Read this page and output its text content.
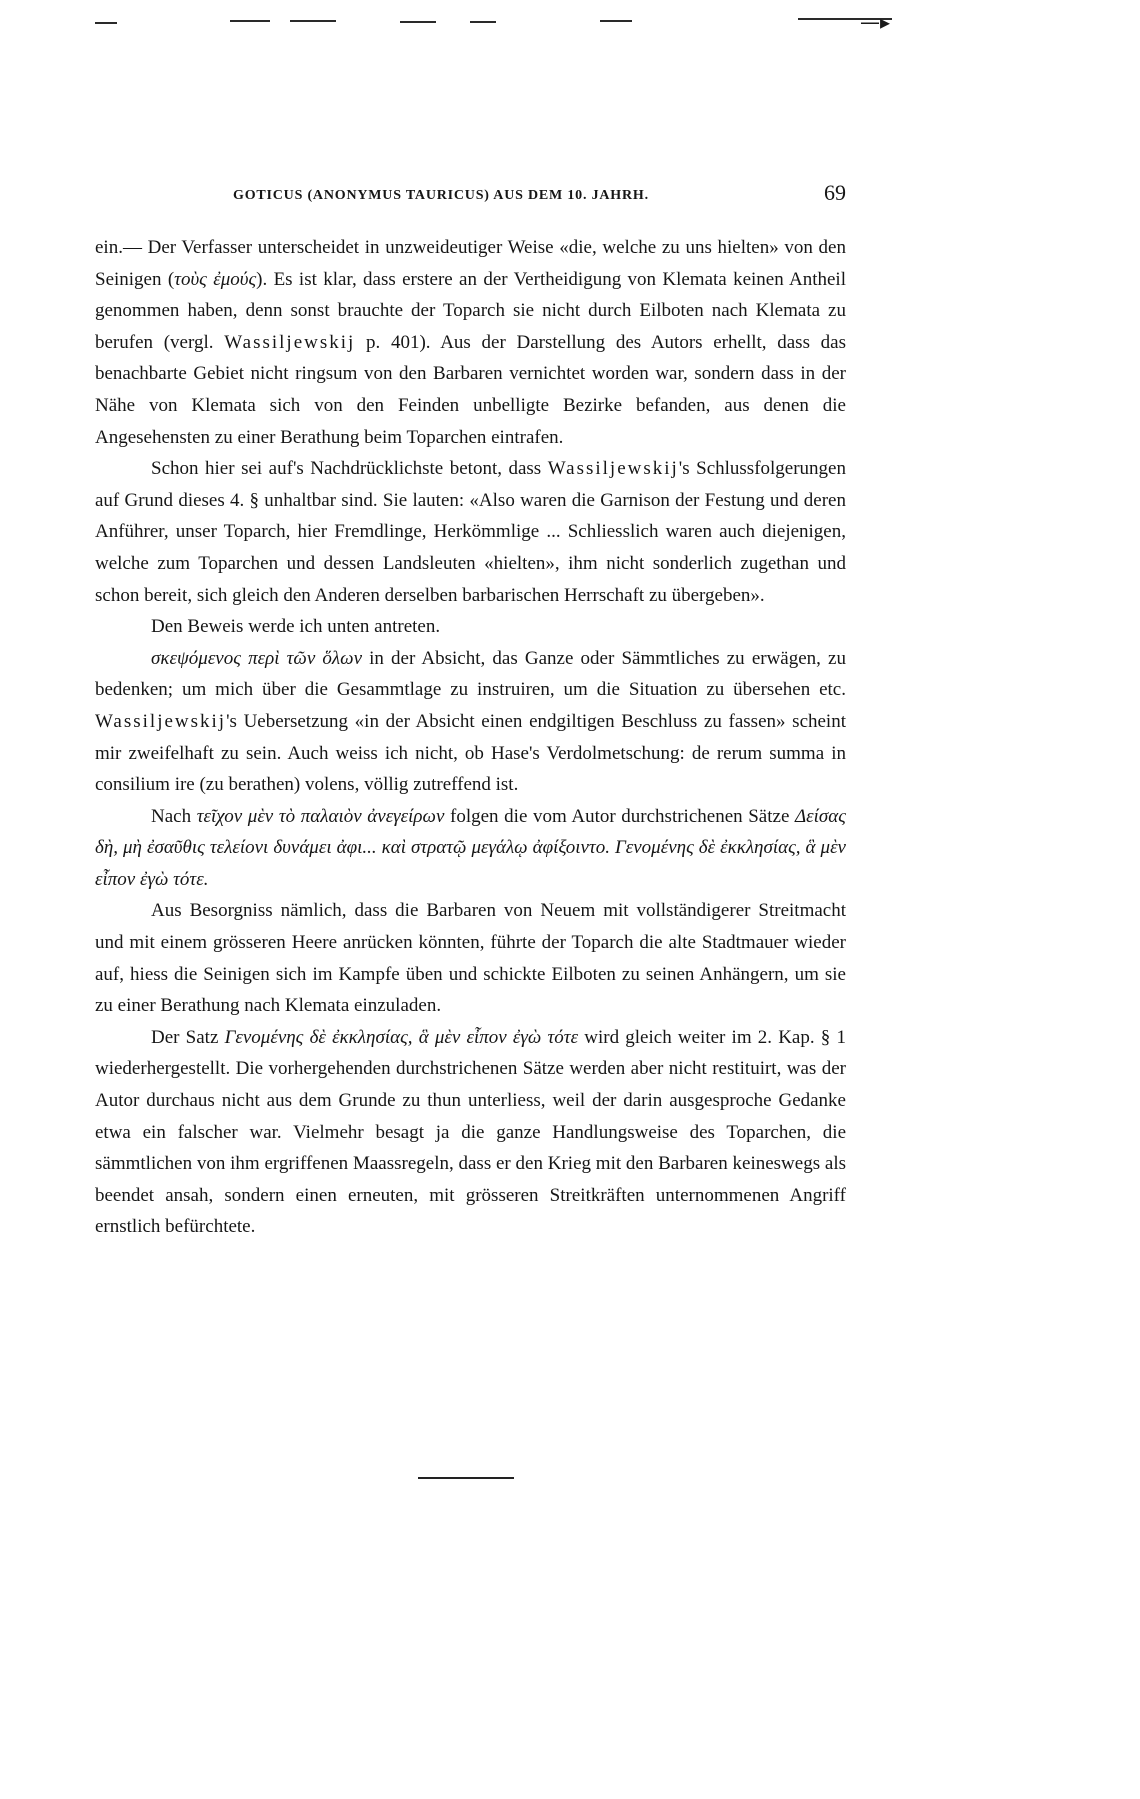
—▸
GOTICUS (ANONYMUS TAURICUS) AUS DEM 10. JAHRH.	69

ein.— Der Verfasser unterscheidet in unzweideutiger Weise «die, welche zu uns hielten» von den Seinigen (τοὺς ἐμούς). Es ist klar, dass erstere an der Vertheidigung von Klemata keinen Antheil genommen haben, denn sonst brauchte der Toparch sie nicht durch Eilboten nach Klemata zu berufen (vergl. Wassiljewskij p. 401). Aus der Darstellung des Autors erhellt, dass das benachbarte Gebiet nicht ringsum von den Barbaren vernichtet worden war, sondern dass in der Nähe von Klemata sich von den Feinden unbelligte Bezirke befanden, aus denen die Angesehensten zu einer Berathung beim Toparchen eintrafen.

Schon hier sei auf's Nachdrücklichste betont, dass Wassiljewskij's Schlussfolgerungen auf Grund dieses 4. § unhaltbar sind. Sie lauten: «Also waren die Garnison der Festung und deren Anführer, unser Toparch, hier Fremdlinge, Herkömmlige ... Schliesslich waren auch diejenigen, welche zum Toparchen und dessen Landsleuten «hielten», ihm nicht sonderlich zugethan und schon bereit, sich gleich den Anderen derselben barbarischen Herrschaft zu übergeben».

Den Beweis werde ich unten antreten.

σκεψόμενος περὶ τῶν ὅλων in der Absicht, das Ganze oder Sämmtliches zu erwägen, zu bedenken; um mich über die Gesammtlage zu instruiren, um die Situation zu übersehen etc. Wassiljewskij's Uebersetzung «in der Absicht einen endgiltigen Beschluss zu fassen» scheint mir zweifelhaft zu sein. Auch weiss ich nicht, ob Hase's Verdolmetschung: de rerum summa in consilium ire (zu berathen) volens, völlig zutreffend ist.

Nach τεῖχον μὲν τὸ παλαιὸν ἀνεγείρων folgen die vom Autor durchstrichenen Sätze Δείσας δὴ, μὴ ἐσαῦθις τελείονι δυνάμει ἀφι... καὶ στρατῷ μεγάλῳ ἀφίξοιντο. Γενομένης δὲ ἐκκλησίας, ἃ μὲν εἶπον ἐγὼ τότε.

Aus Besorgniss nämlich, dass die Barbaren von Neuem mit vollständigerer Streitmacht und mit einem grösseren Heere anrücken könnten, führte der Toparch die alte Stadtmauer wieder auf, hiess die Seinigen sich im Kampfe üben und schickte Eilboten zu seinen Anhängern, um sie zu einer Berathung nach Klemata einzuladen.

Der Satz Γενομένης δὲ ἐκκλησίας, ἃ μὲν εἶπον ἐγὼ τότε wird gleich weiter im 2. Kap. § 1 wiederhergestellt. Die vorhergehenden durchstrichenen Sätze werden aber nicht restituirt, was der Autor durchaus nicht aus dem Grunde zu thun unterliess, weil der darin ausgesproche Gedanke etwa ein falscher war. Vielmehr besagt ja die ganze Handlungsweise des Toparchen, die sämmtlichen von ihm ergriffenen Maassregeln, dass er den Krieg mit den Barbaren keineswegs als beendet ansah, sondern einen erneuten, mit grösseren Streitkräften unternommenen Angriff ernstlich befürchtete.
